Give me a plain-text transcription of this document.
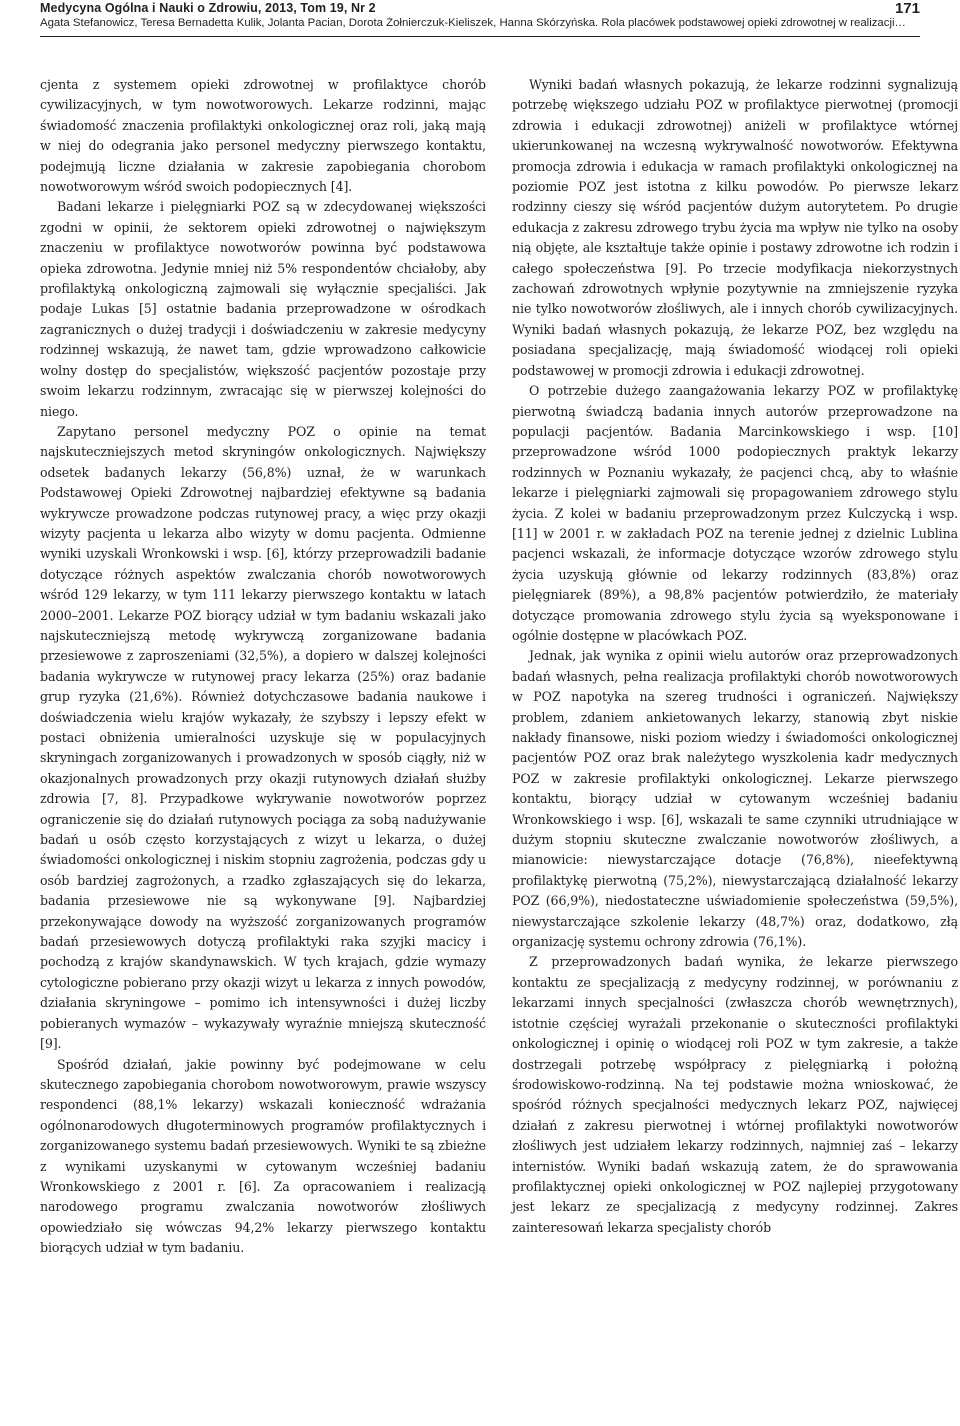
Medycyna Ogólna i Nauki o Zdrowiu, 2013, Tom 19, Nr 2	171
Agata Stefanowicz, Teresa Bernadetta Kulik, Jolanta Pacian, Dorota Żołnierczuk-Kieliszek, Hanna Skórzyńska. Rola placówek podstawowej opieki zdrowotnej w realizacji…

cjenta z systemem opieki zdrowotnej w profilaktyce chorób cywilizacyjnych, w tym nowotworowych. Lekarze rodzinni, mając świadomość znaczenia profilaktyki onkologicznej oraz roli, jaką mają w niej do odegrania jako personel medyczny pierwszego kontaktu, podejmują liczne działania w zakresie zapobiegania chorobom nowotworowym wśród swoich podopiecznych [4].

Badani lekarze i pielęgniarki POZ są w zdecydowanej większości zgodni w opinii, że sektorem opieki zdrowotnej o największym znaczeniu w profilaktyce nowotworów powinna być podstawowa opieka zdrowotna. Jedynie mniej niż 5% respondentów chciałoby, aby profilaktyką onkologiczną zajmowali się wyłącznie specjaliści. Jak podaje Lukas [5] ostatnie badania przeprowadzone w ośrodkach zagranicznych o dużej tradycji i doświadczeniu w zakresie medycyny rodzinnej wskazują, że nawet tam, gdzie wprowadzono całkowicie wolny dostęp do specjalistów, większość pacjentów pozostaje przy swoim lekarzu rodzinnym, zwracając się w pierwszej kolejności do niego.

Zapytano personel medyczny POZ o opinie na temat najskuteczniejszych metod skryningów onkologicznych. Największy odsetek badanych lekarzy (56,8%) uznał, że w warunkach Podstawowej Opieki Zdrowotnej najbardziej efektywne są badania wykrywcze prowadzone podczas rutynowej pracy, a więc przy okazji wizyty pacjenta u lekarza albo wizyty w domu pacjenta. Odmienne wyniki uzyskali Wronkowski i wsp. [6], którzy przeprowadzili badanie dotyczące różnych aspektów zwalczania chorób nowotworowych wśród 129 lekarzy, w tym 111 lekarzy pierwszego kontaktu w latach 2000–2001. Lekarze POZ biorący udział w tym badaniu wskazali jako najskuteczniejszą metodę wykrywczą zorganizowane badania przesiewowe z zaproszeniami (32,5%), a dopiero w dalszej kolejności badania wykrywcze w rutynowej pracy lekarza (25%) oraz badanie grup ryzyka (21,6%). Również dotychczasowe badania naukowe i doświadczenia wielu krajów wykazały, że szybszy i lepszy efekt w postaci obniżenia umieralności uzyskuje się w populacyjnych skryningach zorganizowanych i prowadzonych w sposób ciągły, niż w okazjonalnych prowadzonych przy okazji rutynowych działań służby zdrowia [7, 8]. Przypadkowe wykrywanie nowotworów poprzez ograniczenie się do działań rutynowych pociąga za sobą nadużywanie badań u osób często korzystających z wizyt u lekarza, o dużej świadomości onkologicznej i niskim stopniu zagrożenia, podczas gdy u osób bardziej zagrożonych, a rzadko zgłaszających się do lekarza, badania przesiewowe nie są wykonywane [9]. Najbardziej przekonywające dowody na wyższość zorganizowanych programów badań przesiewowych dotyczą profilaktyki raka szyjki macicy i pochodzą z krajów skandynawskich. W tych krajach, gdzie wymazy cytologiczne pobierano przy okazji wizyt u lekarza z innych powodów, działania skryningowe – pomimo ich intensywności i dużej liczby pobieranych wymazów – wykazywały wyraźnie mniejszą skuteczność [9].

Spośród działań, jakie powinny być podejmowane w celu skutecznego zapobiegania chorobom nowotworowym, prawie wszyscy respondenci (88,1% lekarzy) wskazali konieczność wdrażania ogólnonarodowych długoterminowych programów profilaktycznych i zorganizowanego systemu badań przesiewowych. Wyniki te są zbieżne z wynikami uzyskanymi w cytowanym wcześniej badaniu Wronkowskiego z 2001 r. [6]. Za opracowaniem i realizacją narodowego programu zwalczania nowotworów złośliwych opowiedziało się wówczas 94,2% lekarzy pierwszego kontaktu biorących udział w tym badaniu.

Wyniki badań własnych pokazują, że lekarze rodzinni sygnalizują potrzebę większego udziału POZ w profilaktyce pierwotnej (promocji zdrowia i edukacji zdrowotnej) aniżeli w profilaktyce wtórnej ukierunkowanej na wczesną wykrywalność nowotworów. Efektywna promocja zdrowia i edukacja w ramach profilaktyki onkologicznej na poziomie POZ jest istotna z kilku powodów. Po pierwsze lekarz rodzinny cieszy się wśród pacjentów dużym autorytetem. Po drugie edukacja z zakresu zdrowego trybu życia ma wpływ nie tylko na osoby nią objęte, ale kształtuje także opinie i postawy zdrowotne ich rodzin i całego społeczeństwa [9]. Po trzecie modyfikacja niekorzystnych zachowań zdrowotnych wpłynie pozytywnie na zmniejszenie ryzyka nie tylko nowotworów złośliwych, ale i innych chorób cywilizacyjnych. Wyniki badań własnych pokazują, że lekarze POZ, bez względu na posiadana specjalizację, mają świadomość wiodącej roli opieki podstawowej w promocji zdrowia i edukacji zdrowotnej.

O potrzebie dużego zaangażowania lekarzy POZ w profilaktykę pierwotną świadczą badania innych autorów przeprowadzone na populacji pacjentów. Badania Marcinkowskiego i wsp. [10] przeprowadzone wśród 1000 podopiecznych praktyk lekarzy rodzinnych w Poznaniu wykazały, że pacjenci chcą, aby to właśnie lekarze i pielęgniarki zajmowali się propagowaniem zdrowego stylu życia. Z kolei w badaniu przeprowadzonym przez Kulczycką i wsp. [11] w 2001 r. w zakładach POZ na terenie jednej z dzielnic Lublina pacjenci wskazali, że informacje dotyczące wzorów zdrowego stylu życia uzyskują głównie od lekarzy rodzinnych (83,8%) oraz pielęgniarek (89%), a 98,8% pacjentów potwierdziło, że materiały dotyczące promowania zdrowego stylu życia są wyeksponowane i ogólnie dostępne w placówkach POZ.

Jednak, jak wynika z opinii wielu autorów oraz przeprowadzonych badań własnych, pełna realizacja profilaktyki chorób nowotworowych w POZ napotyka na szereg trudności i ograniczeń. Największy problem, zdaniem ankietowanych lekarzy, stanowią zbyt niskie nakłady finansowe, niski poziom wiedzy i świadomości onkologicznej pacjentów POZ oraz brak należytego wyszkolenia kadr medycznych POZ w zakresie profilaktyki onkologicznej. Lekarze pierwszego kontaktu, biorący udział w cytowanym wcześniej badaniu Wronkowskiego i wsp. [6], wskazali te same czynniki utrudniające w dużym stopniu skuteczne zwalczanie nowotworów złośliwych, a mianowicie: niewystarczające dotacje (76,8%), nieefektywną profilaktykę pierwotną (75,2%), niewystarczającą działalność lekarzy POZ (66,9%), niedostateczne uświadomienie społeczeństwa (59,5%), niewystarczające szkolenie lekarzy (48,7%) oraz, dodatkowo, złą organizację systemu ochrony zdrowia (76,1%).

Z przeprowadzonych badań wynika, że lekarze pierwszego kontaktu ze specjalizacją z medycyny rodzinnej, w porównaniu z lekarzami innych specjalności (zwłaszcza chorób wewnętrznych), istotnie częściej wyrażali przekonanie o skuteczności profilaktyki onkologicznej i opinię o wiodącej roli POZ w tym zakresie, a także dostrzegali potrzebę współpracy z pielęgniarką i położną środowiskowo-rodzinną. Na tej podstawie można wnioskować, że spośród różnych specjalności medycznych lekarz POZ, najwięcej działań z zakresu pierwotnej i wtórnej profilaktyki nowotworów złośliwych jest udziałem lekarzy rodzinnych, najmniej zaś – lekarzy internistów. Wyniki badań wskazują zatem, że do sprawowania profilaktycznej opieki onkologicznej w POZ najlepiej przygotowany jest lekarz ze specjalizacją z medycyny rodzinnej. Zakres zainteresowań lekarza specjalisty chorób
